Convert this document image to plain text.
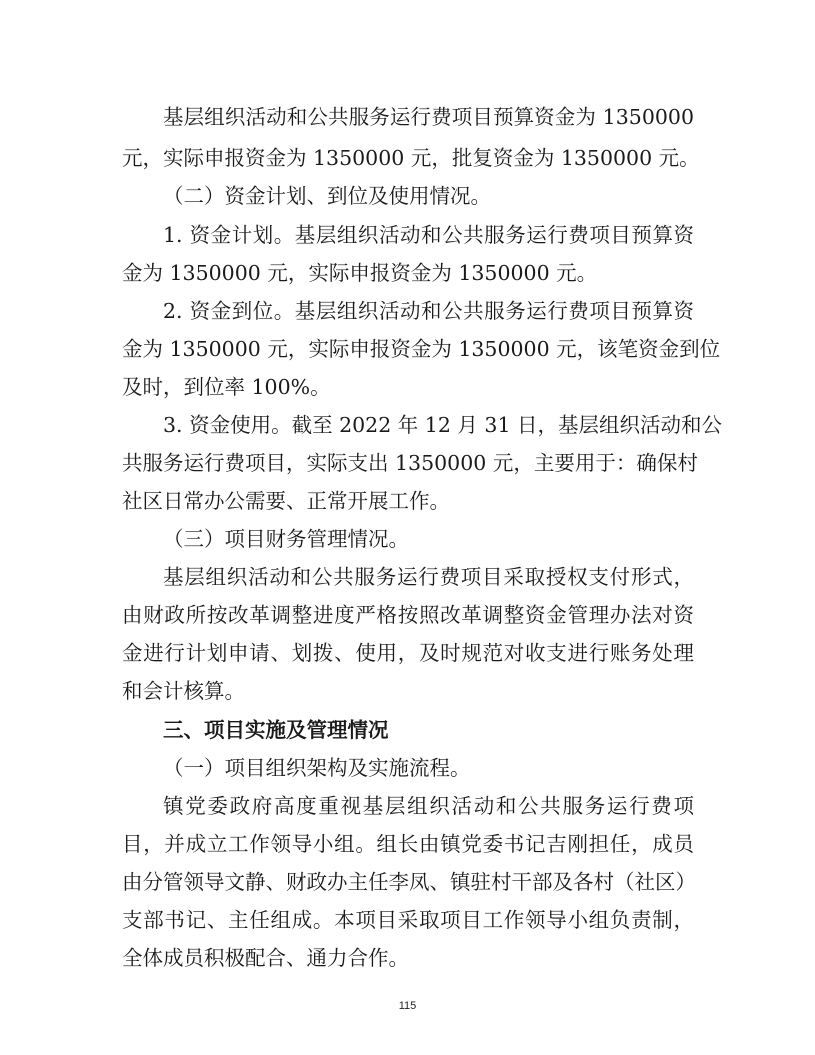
基层组织活动和公共服务运行费项目预算资金为 1350000
元，实际申报资金为 1350000 元，批复资金为 1350000 元。
（二）资金计划、到位及使用情况。
1. 资金计划。基层组织活动和公共服务运行费项目预算资
金为 1350000 元，实际申报资金为 1350000 元。
2. 资金到位。基层组织活动和公共服务运行费项目预算资
金为 1350000 元，实际申报资金为 1350000 元，该笔资金到位
及时，到位率 100%。
3. 资金使用。截至 2022 年 12 月 31 日，基层组织活动和公
共服务运行费项目，实际支出 1350000 元，主要用于：确保村
社区日常办公需要、正常开展工作。
（三）项目财务管理情况。
基层组织活动和公共服务运行费项目采取授权支付形式，
由财政所按改革调整进度严格按照改革调整资金管理办法对资
金进行计划申请、划拨、使用，及时规范对收支进行账务处理
和会计核算。
三、项目实施及管理情况
（一）项目组织架构及实施流程。
镇党委政府高度重视基层组织活动和公共服务运行费项
目，并成立工作领导小组。组长由镇党委书记吉刚担任，成员
由分管领导文静、财政办主任李凤、镇驻村干部及各村（社区）
支部书记、主任组成。本项目采取项目工作领导小组负责制，
全体成员积极配合、通力合作。
115
